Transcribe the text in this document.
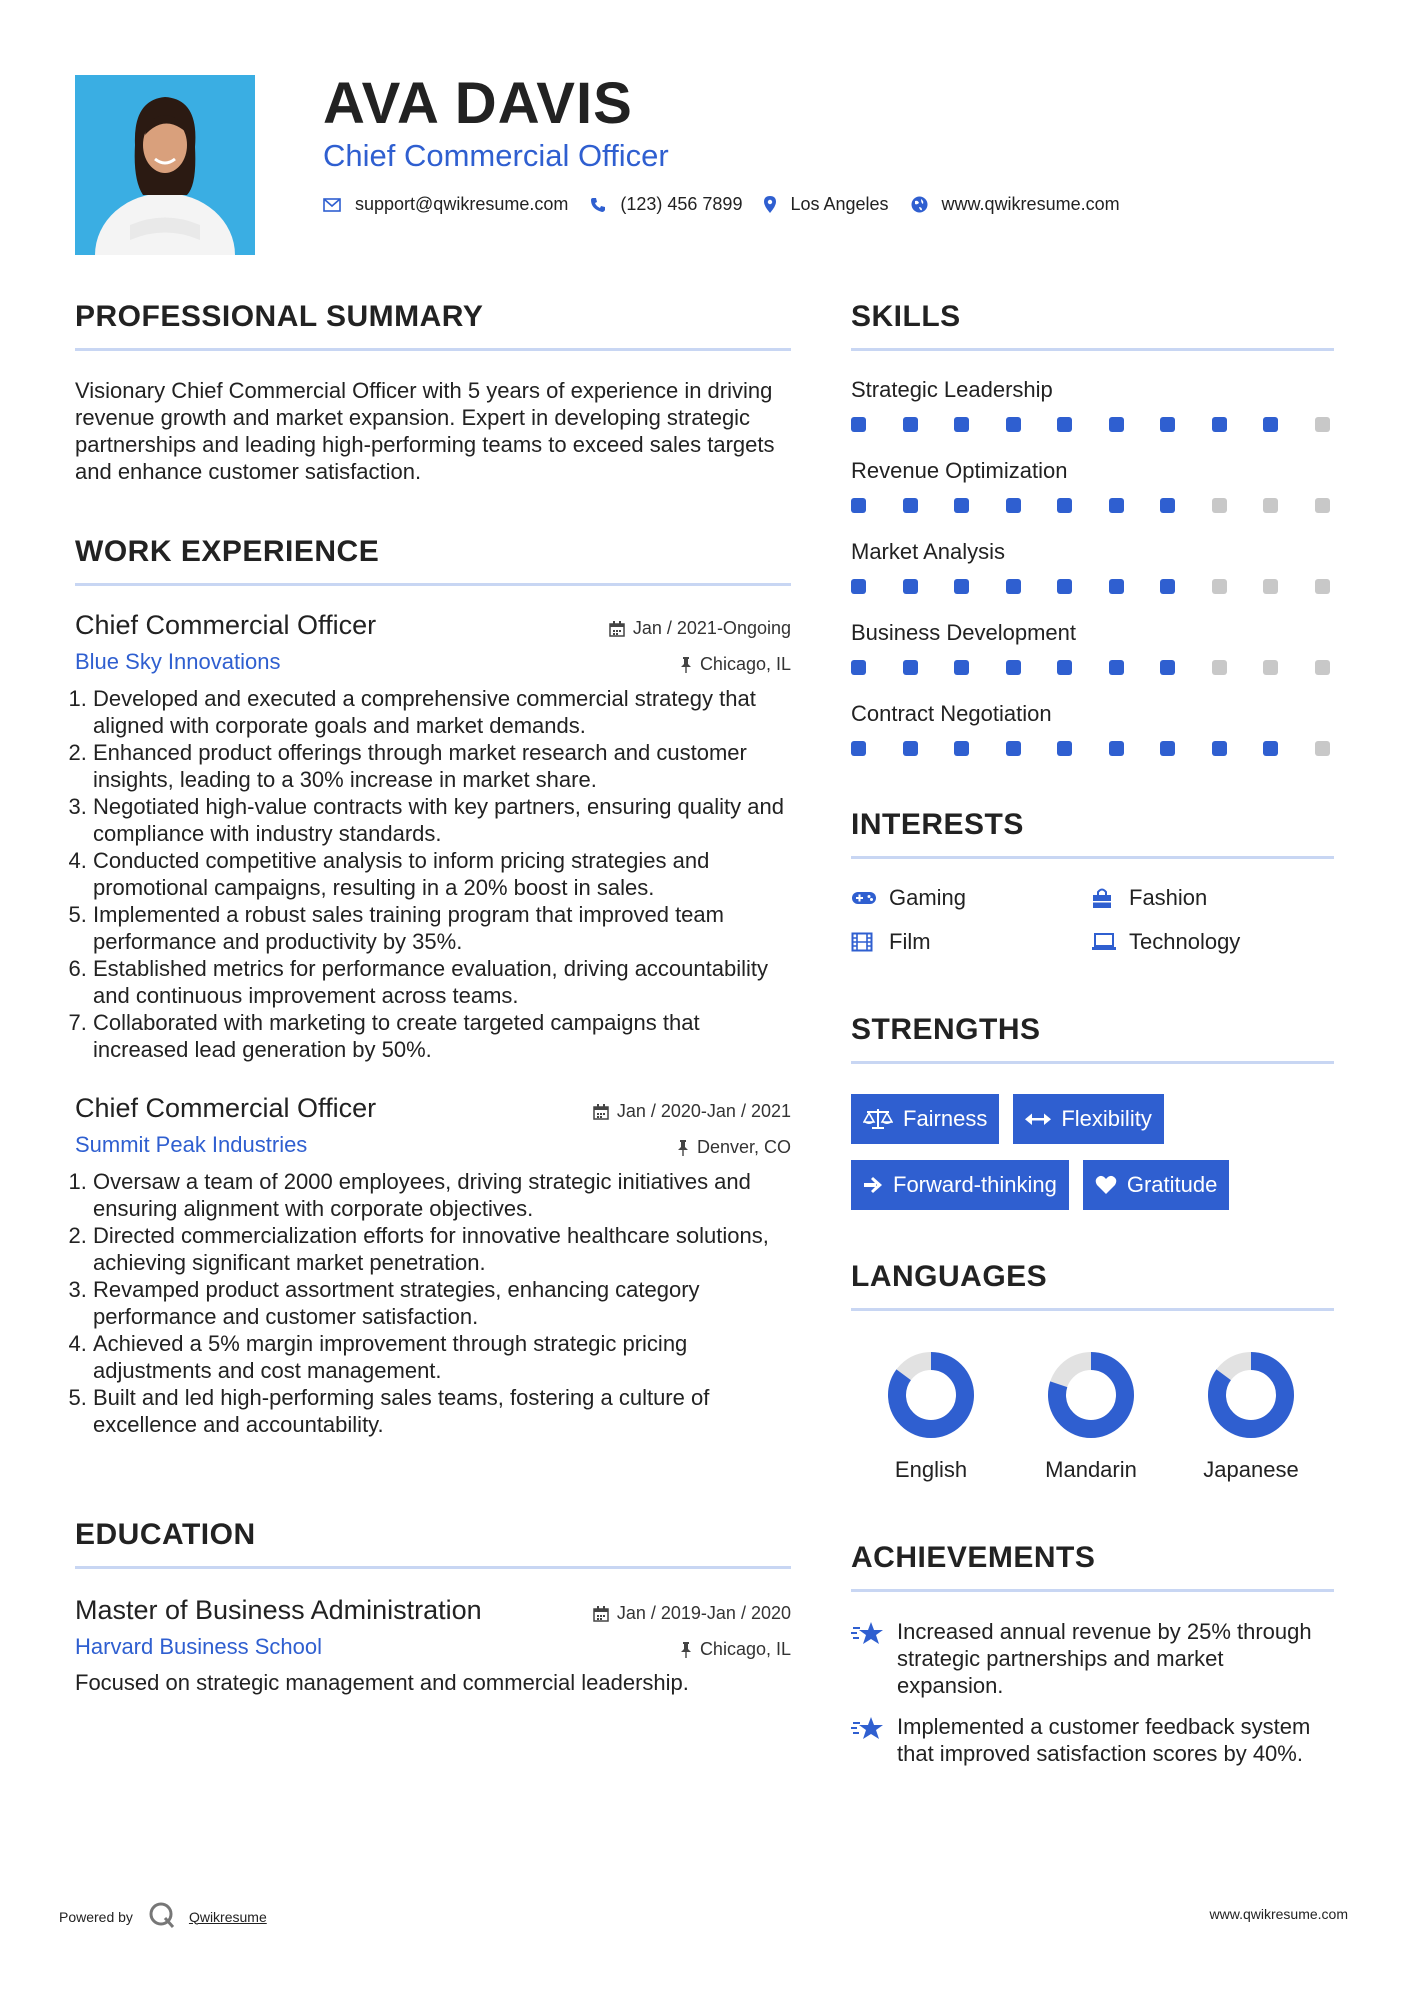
AVA DAVIS
Chief Commercial Officer
support@qwikresume.com	(123) 456 7899	Los Angeles	www.qwikresume.com
PROFESSIONAL SUMMARY
Visionary Chief Commercial Officer with 5 years of experience in driving revenue growth and market expansion. Expert in developing strategic partnerships and leading high-performing teams to exceed sales targets and enhance customer satisfaction.
WORK EXPERIENCE
Chief Commercial Officer	Jan / 2021-Ongoing
Blue Sky Innovations	Chicago, IL
1. Developed and executed a comprehensive commercial strategy that aligned with corporate goals and market demands.
2. Enhanced product offerings through market research and customer insights, leading to a 30% increase in market share.
3. Negotiated high-value contracts with key partners, ensuring quality and compliance with industry standards.
4. Conducted competitive analysis to inform pricing strategies and promotional campaigns, resulting in a 20% boost in sales.
5. Implemented a robust sales training program that improved team performance and productivity by 35%.
6. Established metrics for performance evaluation, driving accountability and continuous improvement across teams.
7. Collaborated with marketing to create targeted campaigns that increased lead generation by 50%.
Chief Commercial Officer	Jan / 2020-Jan / 2021
Summit Peak Industries	Denver, CO
1. Oversaw a team of 2000 employees, driving strategic initiatives and ensuring alignment with corporate objectives.
2. Directed commercialization efforts for innovative healthcare solutions, achieving significant market penetration.
3. Revamped product assortment strategies, enhancing category performance and customer satisfaction.
4. Achieved a 5% margin improvement through strategic pricing adjustments and cost management.
5. Built and led high-performing sales teams, fostering a culture of excellence and accountability.
EDUCATION
Master of Business Administration	Jan / 2019-Jan / 2020
Harvard Business School	Chicago, IL
Focused on strategic management and commercial leadership.
SKILLS
Strategic Leadership
Revenue Optimization
Market Analysis
Business Development
Contract Negotiation
INTERESTS
Gaming	Fashion
Film	Technology
STRENGTHS
Fairness	Flexibility
Forward-thinking	Gratitude
LANGUAGES
English	Mandarin	Japanese
ACHIEVEMENTS
Increased annual revenue by 25% through strategic partnerships and market expansion.
Implemented a customer feedback system that improved satisfaction scores by 40%.
Powered by	Qwikresume	www.qwikresume.com
